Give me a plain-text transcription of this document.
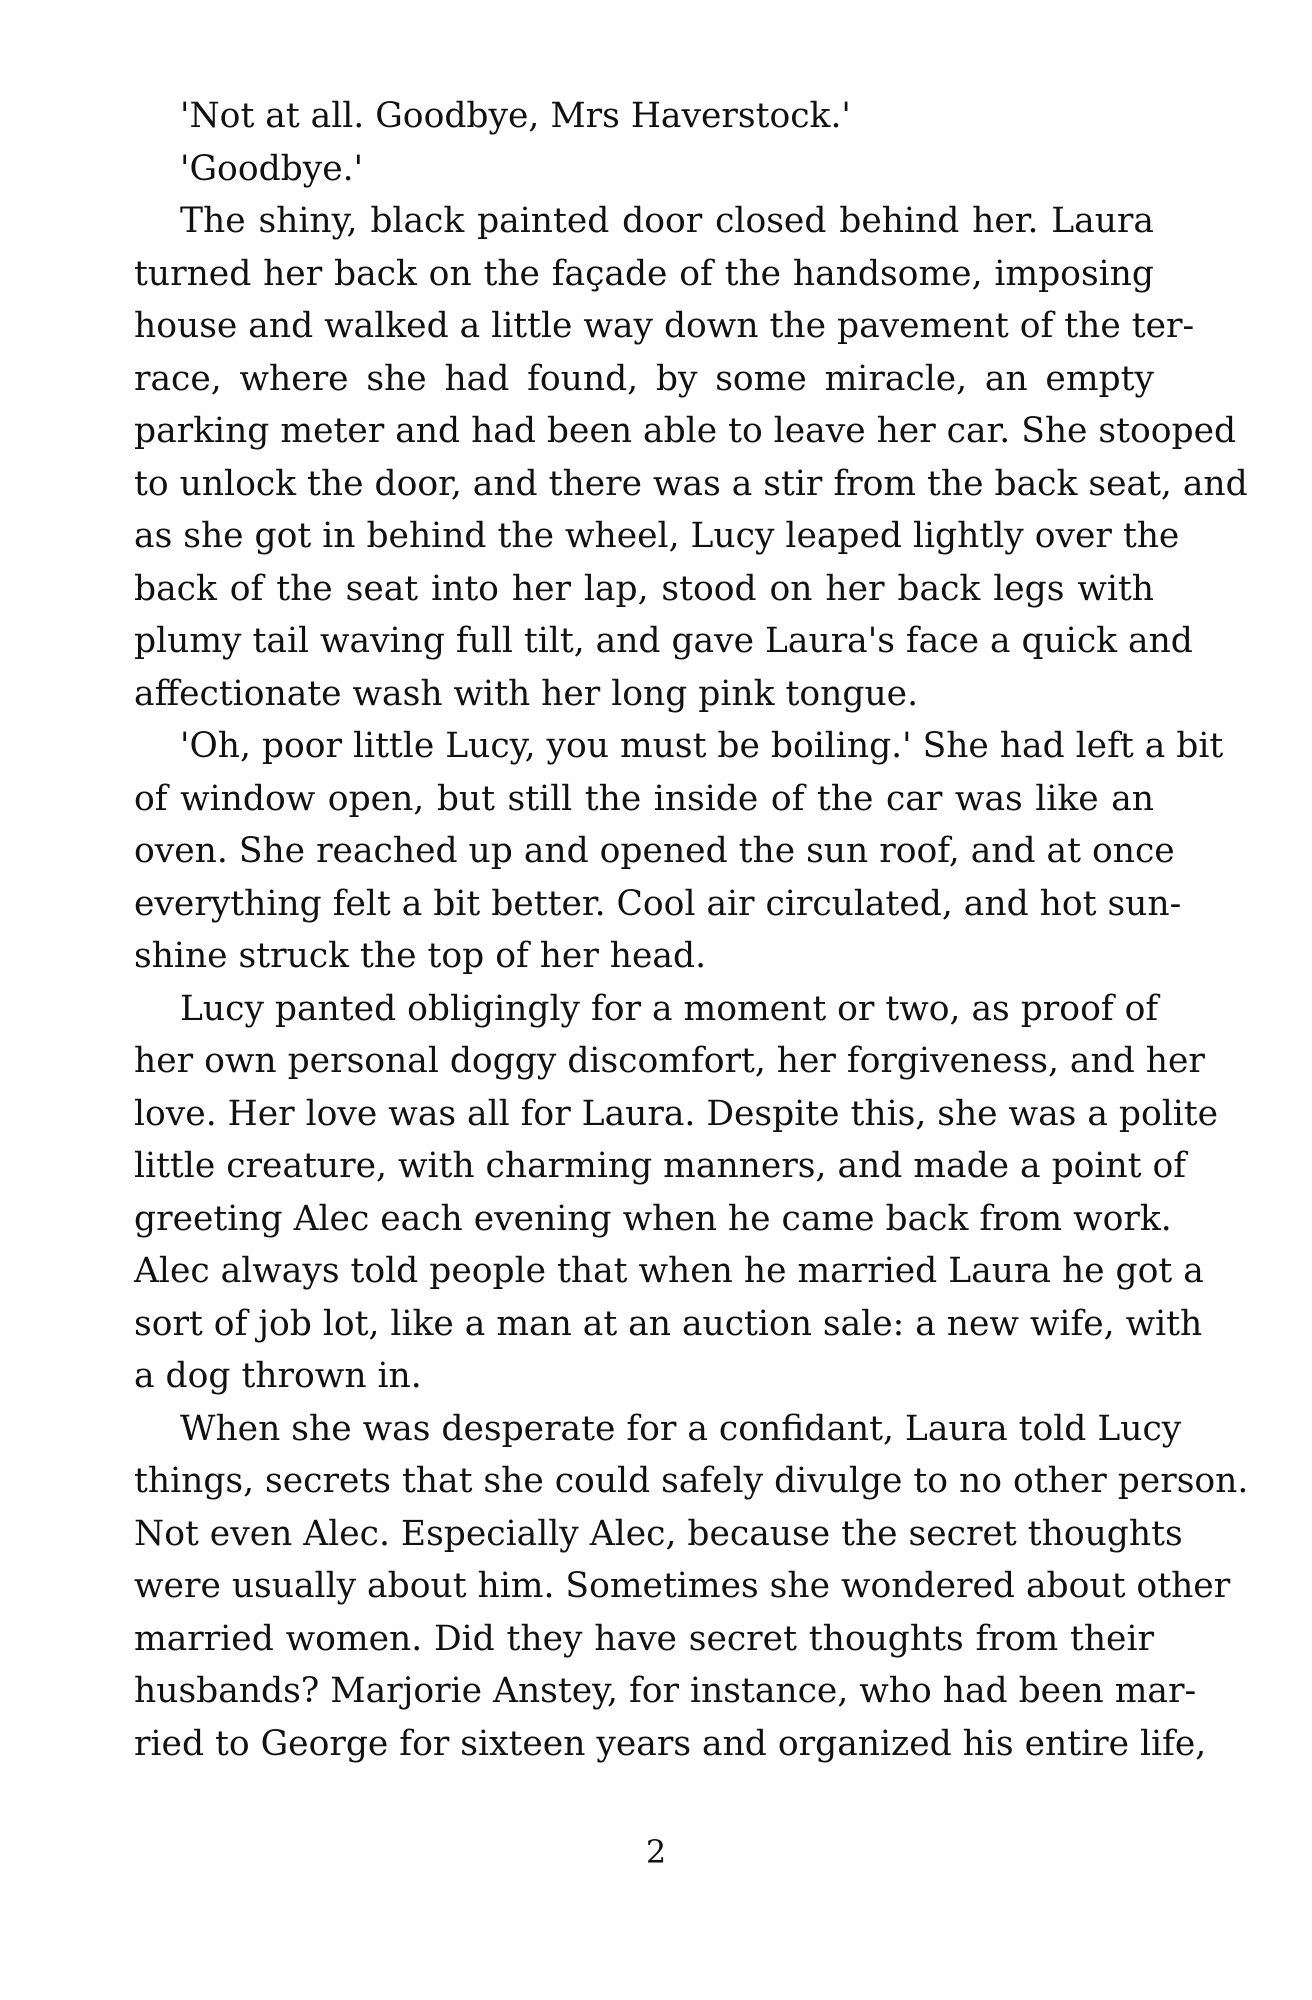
'Not at all. Goodbye, Mrs Haverstock.'

'Goodbye.'

The shiny, black painted door closed behind her. Laura
turned her back on the façade of the handsome, imposing
house and walked a little way down the pavement of the ter-
race, where she had found, by some miracle, an empty
parking meter and had been able to leave her car. She stooped
to unlock the door, and there was a stir from the back seat, and
as she got in behind the wheel, Lucy leaped lightly over the
back of the seat into her lap, stood on her back legs with
plumy tail waving full tilt, and gave Laura's face a quick and
affectionate wash with her long pink tongue.

'Oh, poor little Lucy, you must be boiling.' She had left a bit
of window open, but still the inside of the car was like an
oven. She reached up and opened the sun roof, and at once
everything felt a bit better. Cool air circulated, and hot sun-
shine struck the top of her head.

Lucy panted obligingly for a moment or two, as proof of
her own personal doggy discomfort, her forgiveness, and her
love. Her love was all for Laura. Despite this, she was a polite
little creature, with charming manners, and made a point of
greeting Alec each evening when he came back from work.
Alec always told people that when he married Laura he got a
sort of job lot, like a man at an auction sale: a new wife, with
a dog thrown in.

When she was desperate for a confidant, Laura told Lucy
things, secrets that she could safely divulge to no other person.
Not even Alec. Especially Alec, because the secret thoughts
were usually about him. Sometimes she wondered about other
married women. Did they have secret thoughts from their
husbands? Marjorie Anstey, for instance, who had been mar-
ried to George for sixteen years and organized his entire life,

2
